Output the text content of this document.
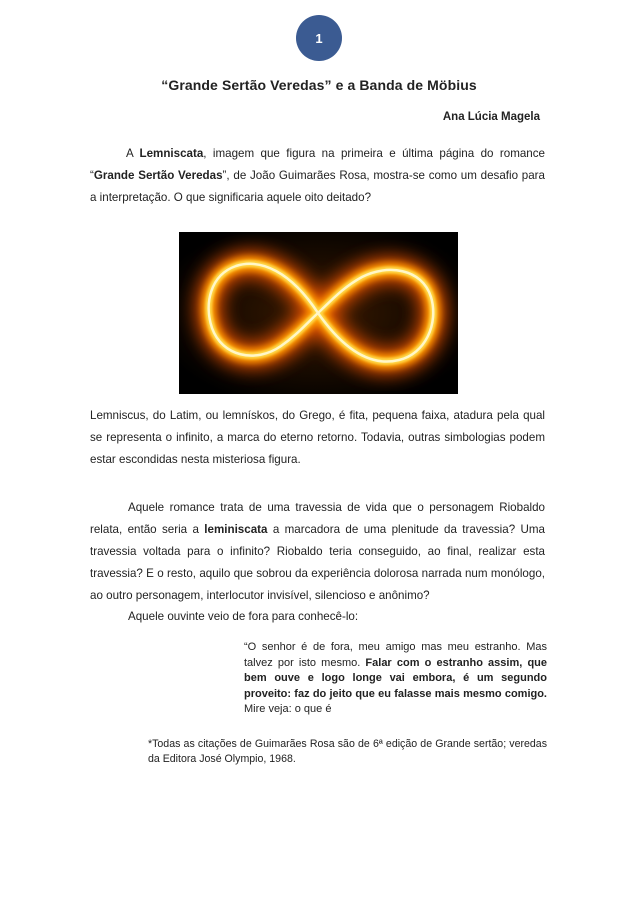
1
“Grande Sertão Veredas” e a Banda de Möbius
Ana Lúcia Magela

A Lemniscata, imagem que figura na primeira e última página do romance “Grande Sertão Veredas”, de João Guimarães Rosa, mostra-se como um desafio para a interpretação. O que significaria aquele oito deitado?

Lemniscus, do Latim, ou lemnískos, do Grego, é fita, pequena faixa, atadura pela qual se representa o infinito, a marca do eterno retorno. Todavia, outras simbologias podem estar escondidas nesta misteriosa figura.

Aquele romance trata de uma travessia de vida que o personagem Riobaldo relata, então seria a leminiscata a marcadora de uma plenitude da travessia? Uma travessia voltada para o infinito? Riobaldo teria conseguido, ao final, realizar esta travessia? E o resto, aquilo que sobrou da experiência dolorosa narrada num monólogo, ao outro personagem, interlocutor invisível, silencioso e anônimo?

Aquele ouvinte veio de fora para conhecê-lo:

“O senhor é de fora, meu amigo mas meu estranho. Mas talvez por isto mesmo. Falar com o estranho assim, que bem ouve e logo longe vai embora, é um segundo proveito: faz do jeito que eu falasse mais mesmo comigo. Mire veja: o que é

*Todas as citações de Guimarães Rosa são de 6ª edição de Grande sertão; veredas da Editora José Olympio, 1968.
